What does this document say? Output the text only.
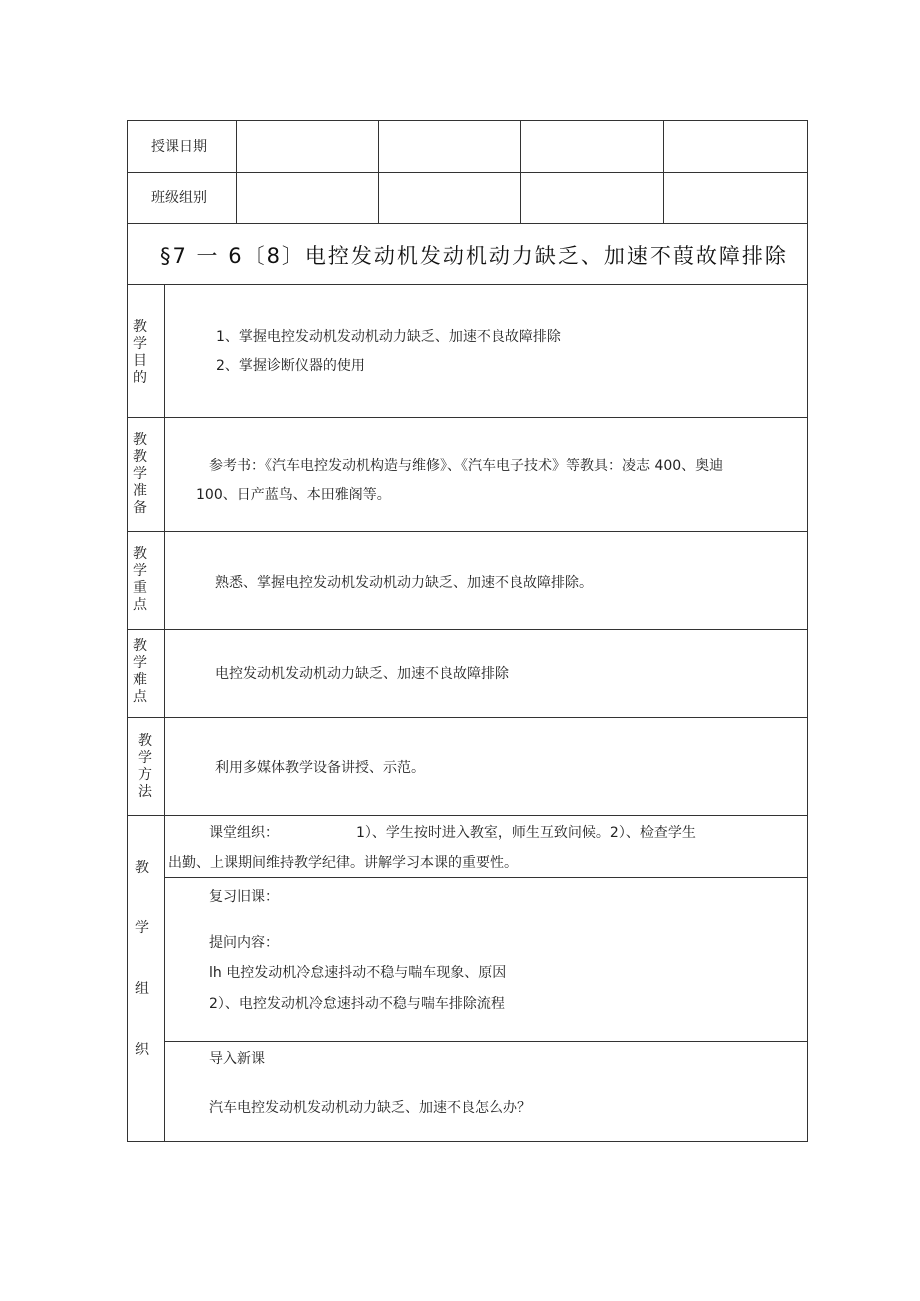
授课日期
班级组别
§7 一 6〔8〕电控发动机发动机动力缺乏、加速不葭故障排除
教学目的
1、掌握电控发动机发动机动力缺乏、加速不良故障排除
2、掌握诊断仪器的使用
教教学准备
参考书：《汽车电控发动机构造与维修》、《汽车电子技术》等教具：凌志 400、奥迪
100、日产蓝鸟、本田雅阁等。
教学重点
熟悉、掌握电控发动机发动机动力缺乏、加速不良故障排除。
教学难点
电控发动机发动机动力缺乏、加速不良故障排除
教学方法
利用多媒体教学设备讲授、示范。
教
学
组
织
课堂组织：	1）、学生按时进入教室，师生互致问候。2）、检查学生
出勤、上课期间维持教学纪律。讲解学习本课的重要性。
复习旧课：
提问内容：
lh 电控发动机冷怠速抖动不稳与喘车现象、原因
2）、电控发动机冷怠速抖动不稳与喘车排除流程
导入新课
汽车电控发动机发动机动力缺乏、加速不良怎么办？
